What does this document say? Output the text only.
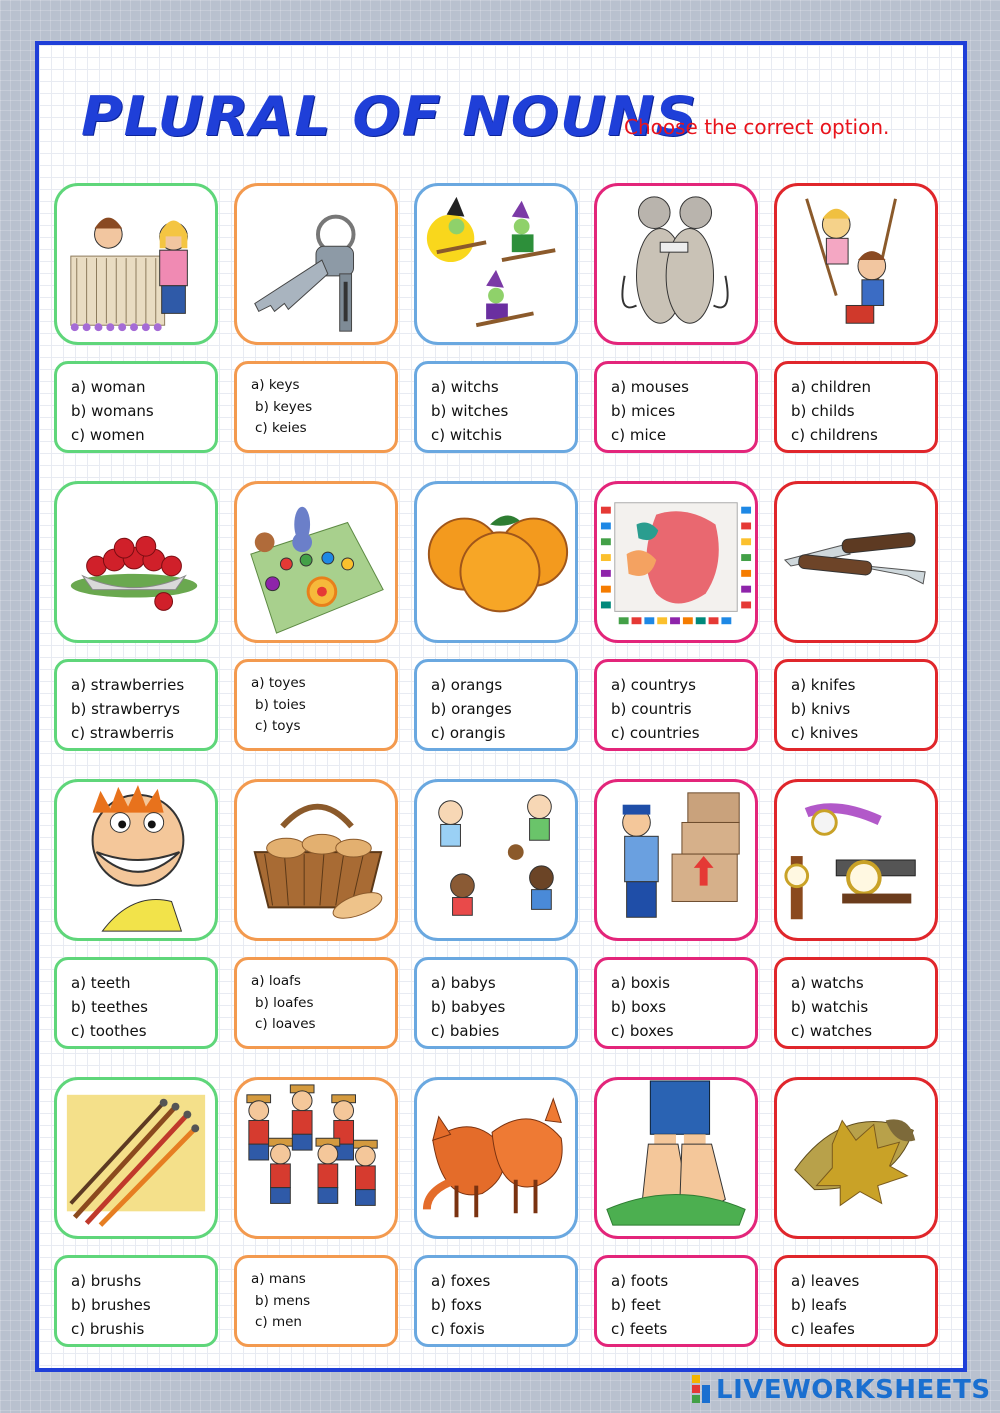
PLURAL OF NOUNS
Choose the correct option.
a) woman
b) womans
c) women
a) keys
b) keyes
c) keies
a) witchs
b) witches
c) witchis
a) mouses
b) mices
c) mice
a) children
b) childs
c) childrens
a) strawberries
b) strawberrys
c) strawberris
a) toyes
b) toies
c) toys
a) orangs
b) oranges
c) orangis
a) countrys
b) countris
c) countries
a) knifes
b) knivs
c) knives
a) teeth
b) teethes
c) toothes
a) loafs
b) loafes
c) loaves
a) babys
b) babyes
c) babies
a) boxis
b) boxs
c) boxes
a) watchs
b) watchis
c) watches
a) brushs
b) brushes
c) brushis
a) mans
b) mens
c) men
a) foxes
b) foxs
c) foxis
a) foots
b) feet
c) feets
a) leaves
b) leafs
c) leafes
LIVEWORKSHEETS
